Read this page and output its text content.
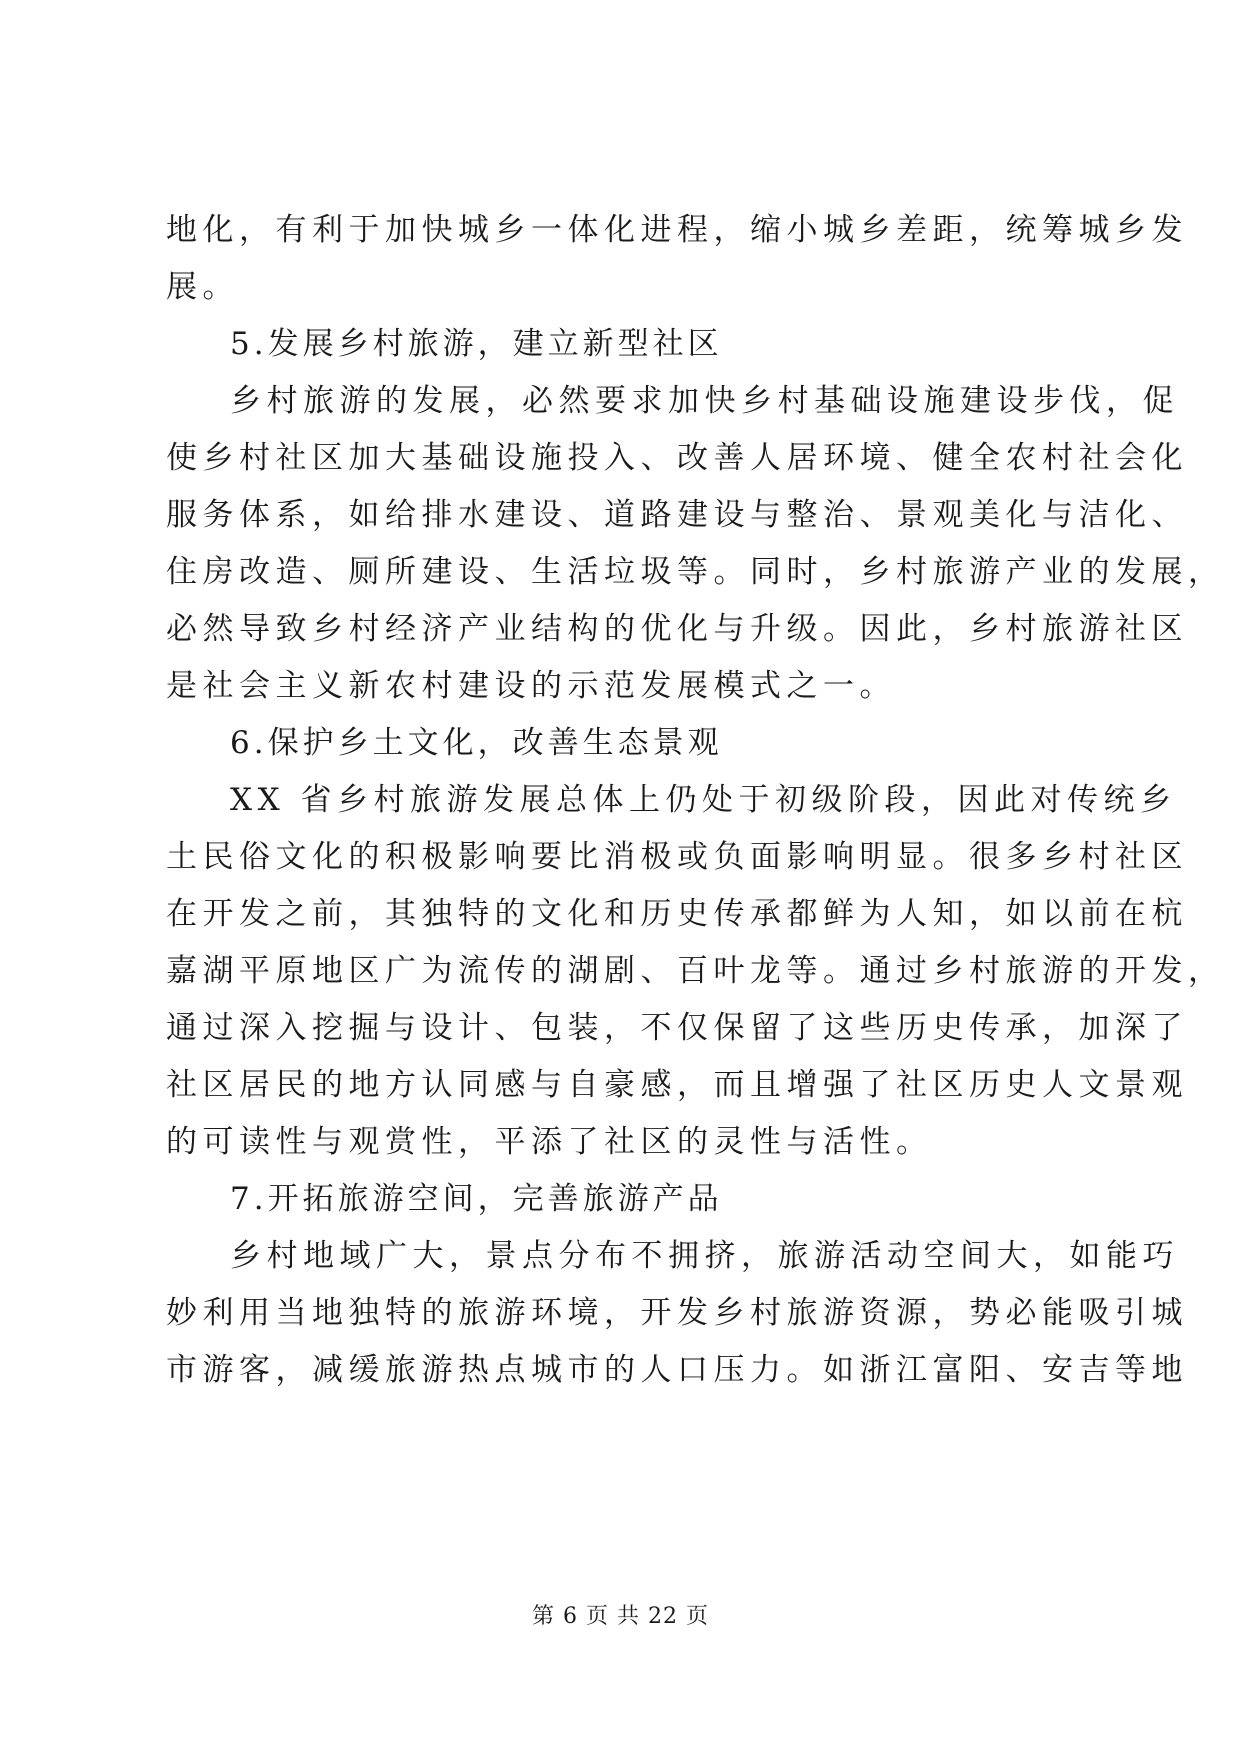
地化，有利于加快城乡一体化进程，缩小城乡差距，统筹城乡发
展。
5.发展乡村旅游，建立新型社区
乡村旅游的发展，必然要求加快乡村基础设施建设步伐，促
使乡村社区加大基础设施投入、改善人居环境、健全农村社会化
服务体系，如给排水建设、道路建设与整治、景观美化与洁化、
住房改造、厕所建设、生活垃圾等。同时，乡村旅游产业的发展，
必然导致乡村经济产业结构的优化与升级。因此，乡村旅游社区
是社会主义新农村建设的示范发展模式之一。
6.保护乡土文化，改善生态景观
XX 省乡村旅游发展总体上仍处于初级阶段，因此对传统乡
土民俗文化的积极影响要比消极或负面影响明显。很多乡村社区
在开发之前，其独特的文化和历史传承都鲜为人知，如以前在杭
嘉湖平原地区广为流传的湖剧、百叶龙等。通过乡村旅游的开发，
通过深入挖掘与设计、包装，不仅保留了这些历史传承，加深了
社区居民的地方认同感与自豪感，而且增强了社区历史人文景观
的可读性与观赏性，平添了社区的灵性与活性。
7.开拓旅游空间，完善旅游产品
乡村地域广大，景点分布不拥挤，旅游活动空间大，如能巧
妙利用当地独特的旅游环境，开发乡村旅游资源，势必能吸引城
市游客，减缓旅游热点城市的人口压力。如浙江富阳、安吉等地
第 6 页 共 22 页
